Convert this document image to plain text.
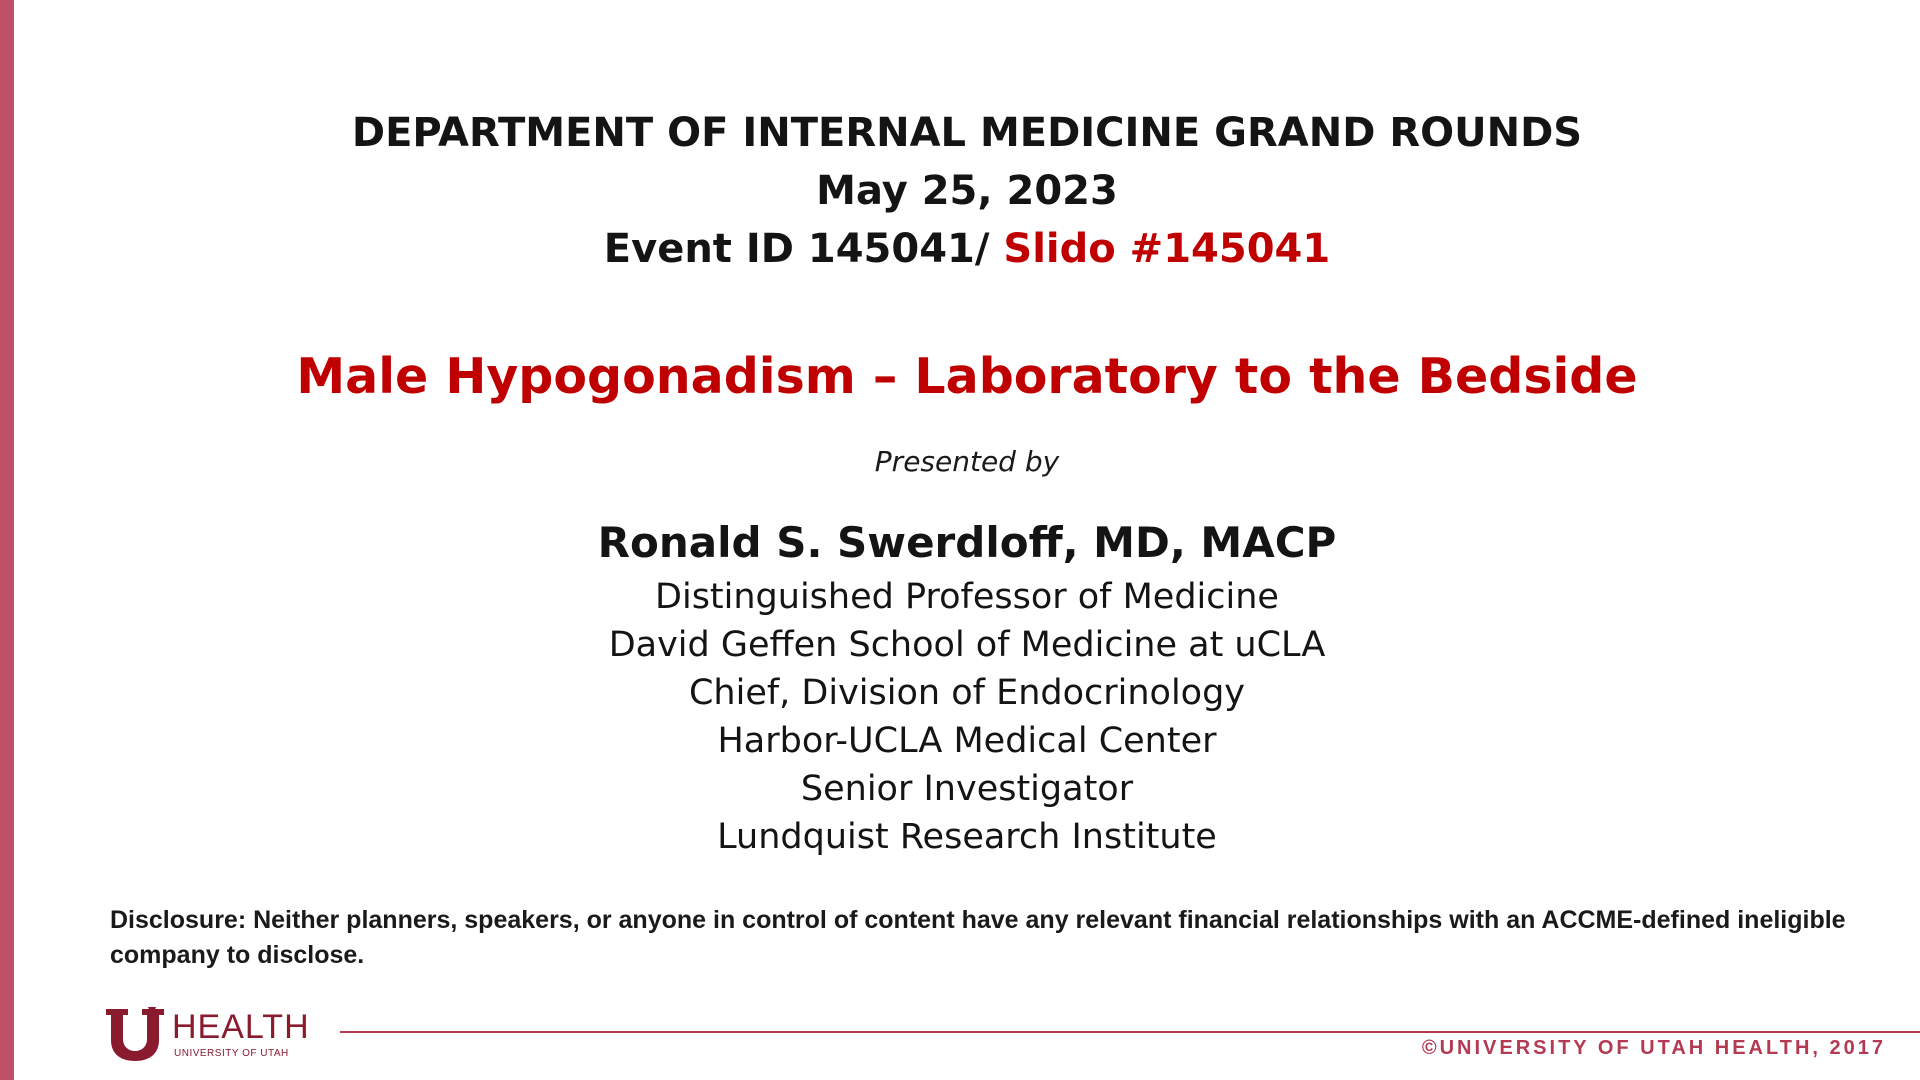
DEPARTMENT OF INTERNAL MEDICINE GRAND ROUNDS
May 25, 2023
Event ID 145041/ Slido #145041
Male Hypogonadism – Laboratory to the Bedside
Presented by
Ronald S. Swerdloff, MD, MACP
Distinguished Professor of Medicine
David Geffen School of Medicine at uCLA
Chief, Division of Endocrinology
Harbor-UCLA Medical Center
Senior Investigator
Lundquist Research Institute
Disclosure: Neither planners, speakers, or anyone in control of content have any relevant financial relationships with an ACCME-defined ineligible company to disclose.
HEALTH
UNIVERSITY OF UTAH	©UNIVERSITY OF UTAH HEALTH, 2017
